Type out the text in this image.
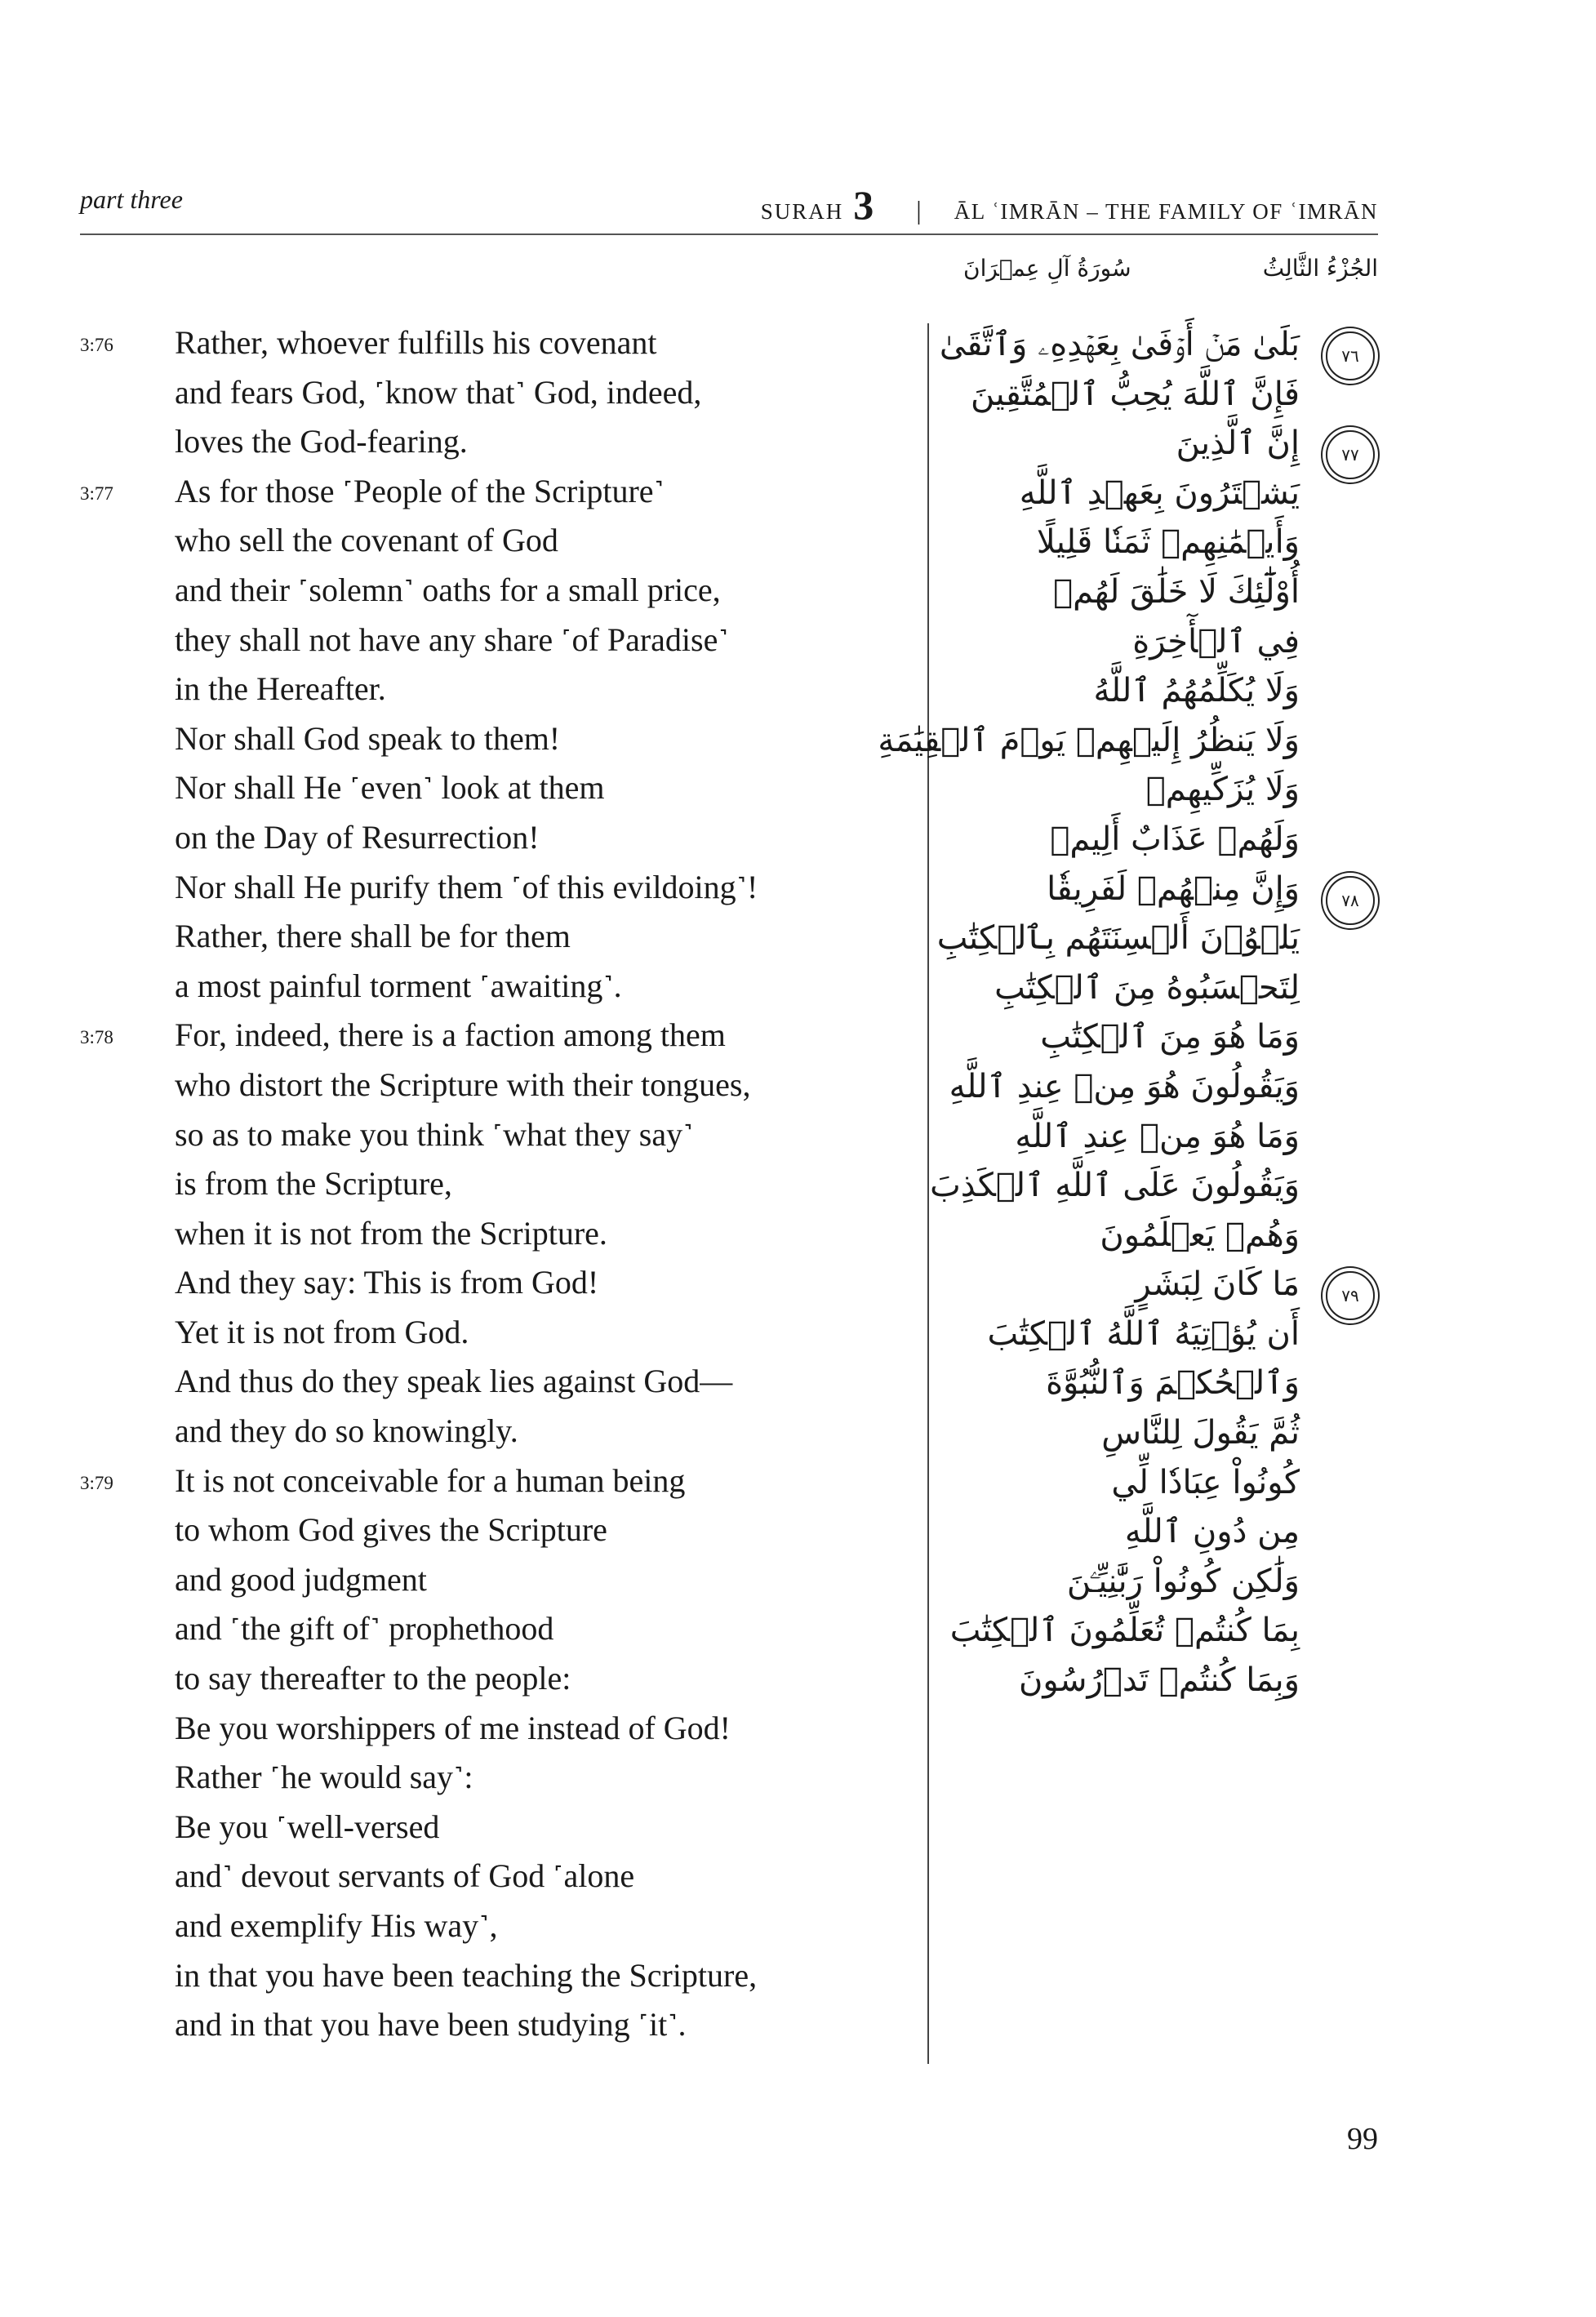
part three	SURAH 3 | ĀL ʿIMRĀN – THE FAMILY OF ʿIMRĀN
الجُزْءُ الثَّالِثُ
سُورَةُ آلِ عِمۡرَانَ
3:76	Rather, whoever fulfills his covenant
and fears God, ˹know that˺ God, indeed,
loves the God-fearing.
3:77	As for those ˹People of the Scripture˺
who sell the covenant of God
and their ˹solemn˺ oaths for a small price,
they shall not have any share ˹of Paradise˺
in the Hereafter.
Nor shall God speak to them!
Nor shall He ˹even˺ look at them
on the Day of Resurrection!
Nor shall He purify them ˹of this evildoing˺!
Rather, there shall be for them
a most painful torment ˹awaiting˺.
3:78	For, indeed, there is a faction among them
who distort the Scripture with their tongues,
so as to make you think ˹what they say˺
is from the Scripture,
when it is not from the Scripture.
And they say: This is from God!
Yet it is not from God.
And thus do they speak lies against God—
and they do so knowingly.
3:79	It is not conceivable for a human being
to whom God gives the Scripture
and good judgment
and ˹the gift of˺ prophethood
to say thereafter to the people:
Be you worshippers of me instead of God!
Rather ˹he would say˺:
Be you ˹well-versed
and˺ devout servants of God ˹alone
and exemplify His way˺,
in that you have been teaching the Scripture,
and in that you have been studying ˹it˺.
٧٦
بَلَىٰ مَنۡ أَوۡفَىٰ بِعَهۡدِهِۦ وَٱتَّقَىٰ
فَإِنَّ ٱللَّهَ يُحِبُّ ٱلۡمُتَّقِينَ
٧٧
إِنَّ ٱلَّذِينَ
يَشۡتَرُونَ بِعَهۡدِ ٱللَّهِ
وَأَيۡمَٰنِهِمۡ ثَمَنٗا قَلِيلًا
أُوْلَٰٓئِكَ لَا خَلَٰقَ لَهُمۡ
فِي ٱلۡأٓخِرَةِ
وَلَا يُكَلِّمُهُمُ ٱللَّهُ
وَلَا يَنظُرُ إِلَيۡهِمۡ يَوۡمَ ٱلۡقِيَٰمَةِ
وَلَا يُزَكِّيهِمۡ
وَلَهُمۡ عَذَابٌ أَلِيمٞ
٧٨
وَإِنَّ مِنۡهُمۡ لَفَرِيقٗا
يَلۡوُۥنَ أَلۡسِنَتَهُم بِٱلۡكِتَٰبِ
لِتَحۡسَبُوهُ مِنَ ٱلۡكِتَٰبِ
وَمَا هُوَ مِنَ ٱلۡكِتَٰبِ
وَيَقُولُونَ هُوَ مِنۡ عِندِ ٱللَّهِ
وَمَا هُوَ مِنۡ عِندِ ٱللَّهِ
وَيَقُولُونَ عَلَى ٱللَّهِ ٱلۡكَذِبَ
وَهُمۡ يَعۡلَمُونَ
٧٩
مَا كَانَ لِبَشَرٍ
أَن يُؤۡتِيَهُ ٱللَّهُ ٱلۡكِتَٰبَ
وَٱلۡحُكۡمَ وَٱلنُّبُوَّةَ
ثُمَّ يَقُولَ لِلنَّاسِ
كُونُواْ عِبَادٗا لِّي
مِن دُونِ ٱللَّهِ
وَلَٰكِن كُونُواْ رَبَّٰنِيِّـۧنَ
بِمَا كُنتُمۡ تُعَلِّمُونَ ٱلۡكِتَٰبَ
وَبِمَا كُنتُمۡ تَدۡرُسُونَ
99
